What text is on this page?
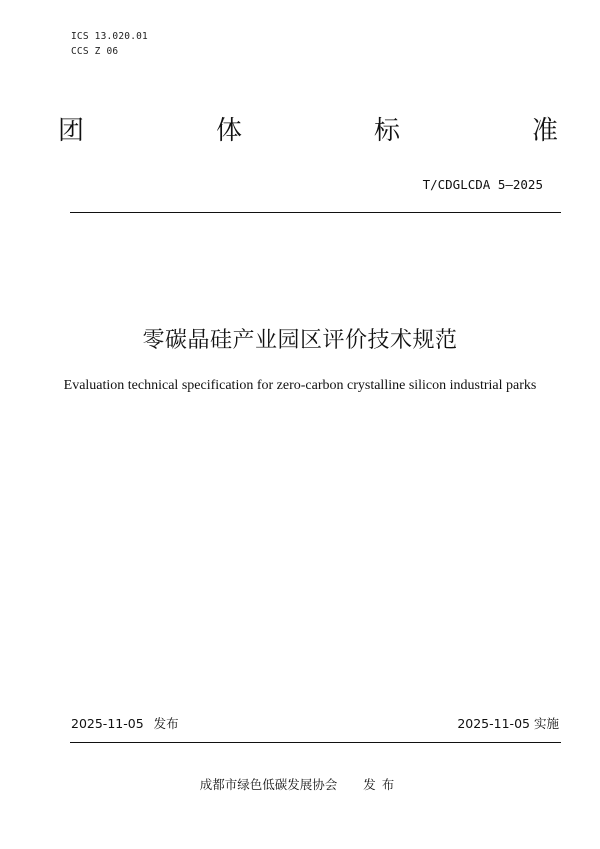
ICS 13.020.01
CCS Z 06
团	体	标	准
T/CDGLCDA 5—2025
零碳晶硅产业园区评价技术规范
Evaluation technical specification for zero-carbon crystalline silicon industrial parks
2025-11-05 发布	2025-11-05 实施
成都市绿色低碳发展协会 发布
